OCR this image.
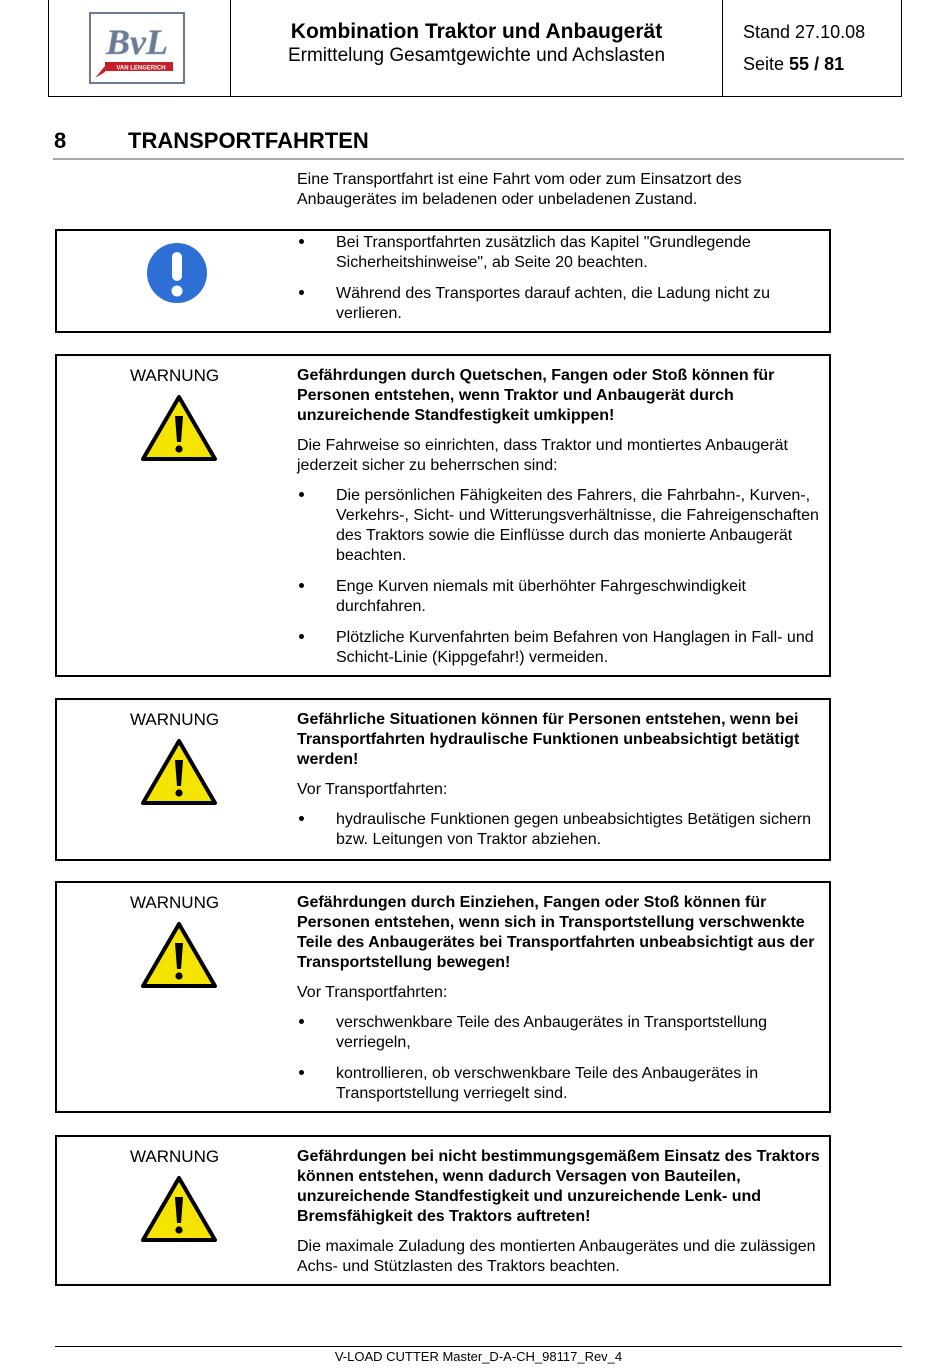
BvL
VAN LENGERICH
Kombination Traktor und Anbaugerät
Ermittelung Gesamtgewichte und Achslasten
Stand 27.10.08
Seite 55 / 81
8	TRANSPORTFAHRTEN
Eine Transportfahrt ist eine Fahrt vom oder zum Einsatzort des Anbaugerätes im beladenen oder unbeladenen Zustand.
Bei Transportfahrten zusätzlich das Kapitel "Grundlegende Sicherheitshinweise", ab Seite 20 beachten.
Während des Transportes darauf achten, die Ladung nicht zu verlieren.
WARNUNG	Gefährdungen durch Quetschen, Fangen oder Stoß können für Personen entstehen, wenn Traktor und Anbaugerät durch unzureichende Standfestigkeit umkippen!

Die Fahrweise so einrichten, dass Traktor und montiertes Anbaugerät jederzeit sicher zu beherrschen sind:

Die persönlichen Fähigkeiten des Fahrers, die Fahrbahn-, Kurven-, Verkehrs-, Sicht- und Witterungsverhältnisse, die Fahreigenschaften des Traktors sowie die Einflüsse durch das monierte Anbaugerät beachten.
Enge Kurven niemals mit überhöhter Fahrgeschwindigkeit durchfahren.
Plötzliche Kurvenfahrten beim Befahren von Hanglagen in Fall- und Schicht-Linie (Kippgefahr!) vermeiden.
WARNUNG	Gefährliche Situationen können für Personen entstehen, wenn bei Transportfahrten hydraulische Funktionen unbeabsichtigt betätigt werden!

Vor Transportfahrten:

hydraulische Funktionen gegen unbeabsichtigtes Betätigen sichern bzw. Leitungen von Traktor abziehen.
WARNUNG	Gefährdungen durch Einziehen, Fangen oder Stoß können für Personen entstehen, wenn sich in Transportstellung verschwenkte Teile des Anbaugerätes bei Transportfahrten unbeabsichtigt aus der Transportstellung bewegen!

Vor Transportfahrten:

verschwenkbare Teile des Anbaugerätes in Transportstellung verriegeln,
kontrollieren, ob verschwenkbare Teile des Anbaugerätes in Transportstellung verriegelt sind.
WARNUNG	Gefährdungen bei nicht bestimmungsgemäßem Einsatz des Traktors können entstehen, wenn dadurch Versagen von Bauteilen, unzureichende Standfestigkeit und unzureichende Lenk- und Bremsfähigkeit des Traktors auftreten!

Die maximale Zuladung des montierten Anbaugerätes und die zulässigen Achs- und Stützlasten des Traktors beachten.

V-LOAD CUTTER Master_D-A-CH_98117_Rev_4
